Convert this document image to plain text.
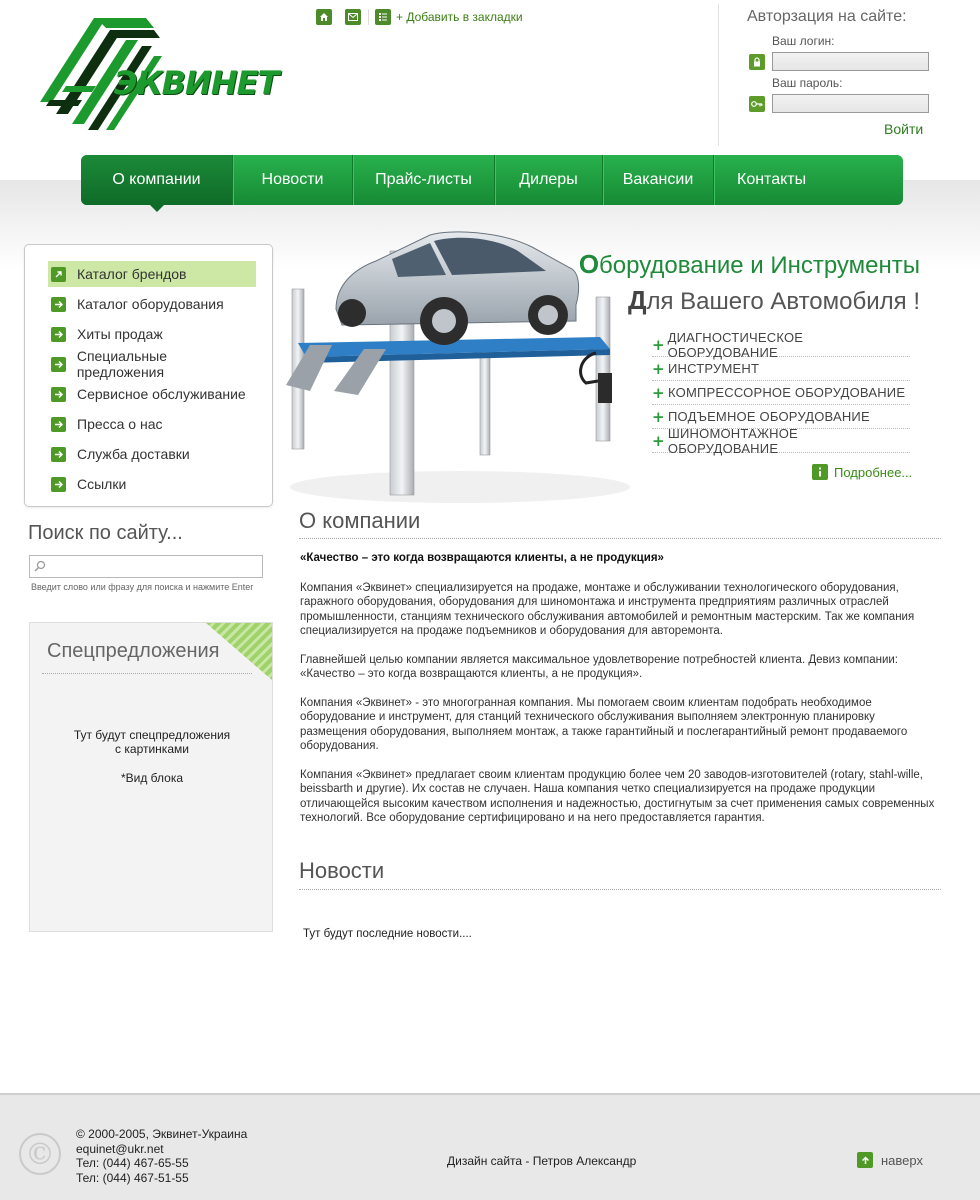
ЭКВИНЕТ
+ Добавить в закладки	Авторзация на сайте:
Ваш логин:
Ваш пароль:
Войти
О компании	Новости	Прайс-листы	Дилеры	Вакансии	Контакты
Каталог брендов
Каталог оборудования
Хиты продаж
Специальные предложения
Сервисное обслуживание
Пресса о нас
Служба доставки
Ссылки
Поиск по сайту...
Введит слово или фразу для поиска и нажмите Enter
Спецпредложения
Тут будут спецпредложения
с картинками
*Вид блока
Оборудование и Инструменты
Для Вашего Автомобиля !
+ ДИАГНОСТИЧЕСКОЕ ОБОРУДОВАНИЕ
+ ИНСТРУМЕНТ
+ КОМПРЕССОРНОЕ ОБОРУДОВАНИЕ
+ ПОДЪЕМНОЕ ОБОРУДОВАНИЕ
+ ШИНОМОНТАЖНОЕ ОБОРУДОВАНИЕ
Подробнее...
О компании

«Качество – это когда возвращаются клиенты, а не продукция»

Компания «Эквинет» специализируется на продаже, монтаже и обслуживании технологического оборудования, гаражного оборудования, оборудования для шиномонтажа и инструмента предприятиям различных отраслей промышленности, станциям технического обслуживания автомобилей и ремонтным мастерским. Так же компания специализируется на продаже подъемников и оборудования для авторемонта.

Главнейшей целью компании является максимальное удовлетворение потребностей клиента. Девиз компании: «Качество – это когда возвращаются клиенты, а не продукция».

Компания «Эквинет» - это многогранная компания. Мы помогаем своим клиентам подобрать необходимое оборудование и инструмент, для станций технического обслуживания выполняем электронную планировку размещения оборудования, выполняем монтаж, а также гарантийный и послегарантийный ремонт продаваемого оборудования.

Компания «Эквинет» предлагает своим клиентам продукцию более чем 20 заводов-изготовителей (rotary, stahl-wille, beissbarth и другие). Их состав не случаен. Наша компания четко специализируется на продаже продукции отличающейся высоким качеством исполнения и надежностью, достигнутым за счет применения самых современных технологий. Все оборудование сертифицировано и на него предоставляется гарантия.

Новости
Тут будут последние новости....
©
© 2000-2005, Эквинет-Украина
equinet@ukr.net
Тел: (044) 467-65-55
Тел: (044) 467-51-55
Дизайн сайта - Петров Александр	наверх
